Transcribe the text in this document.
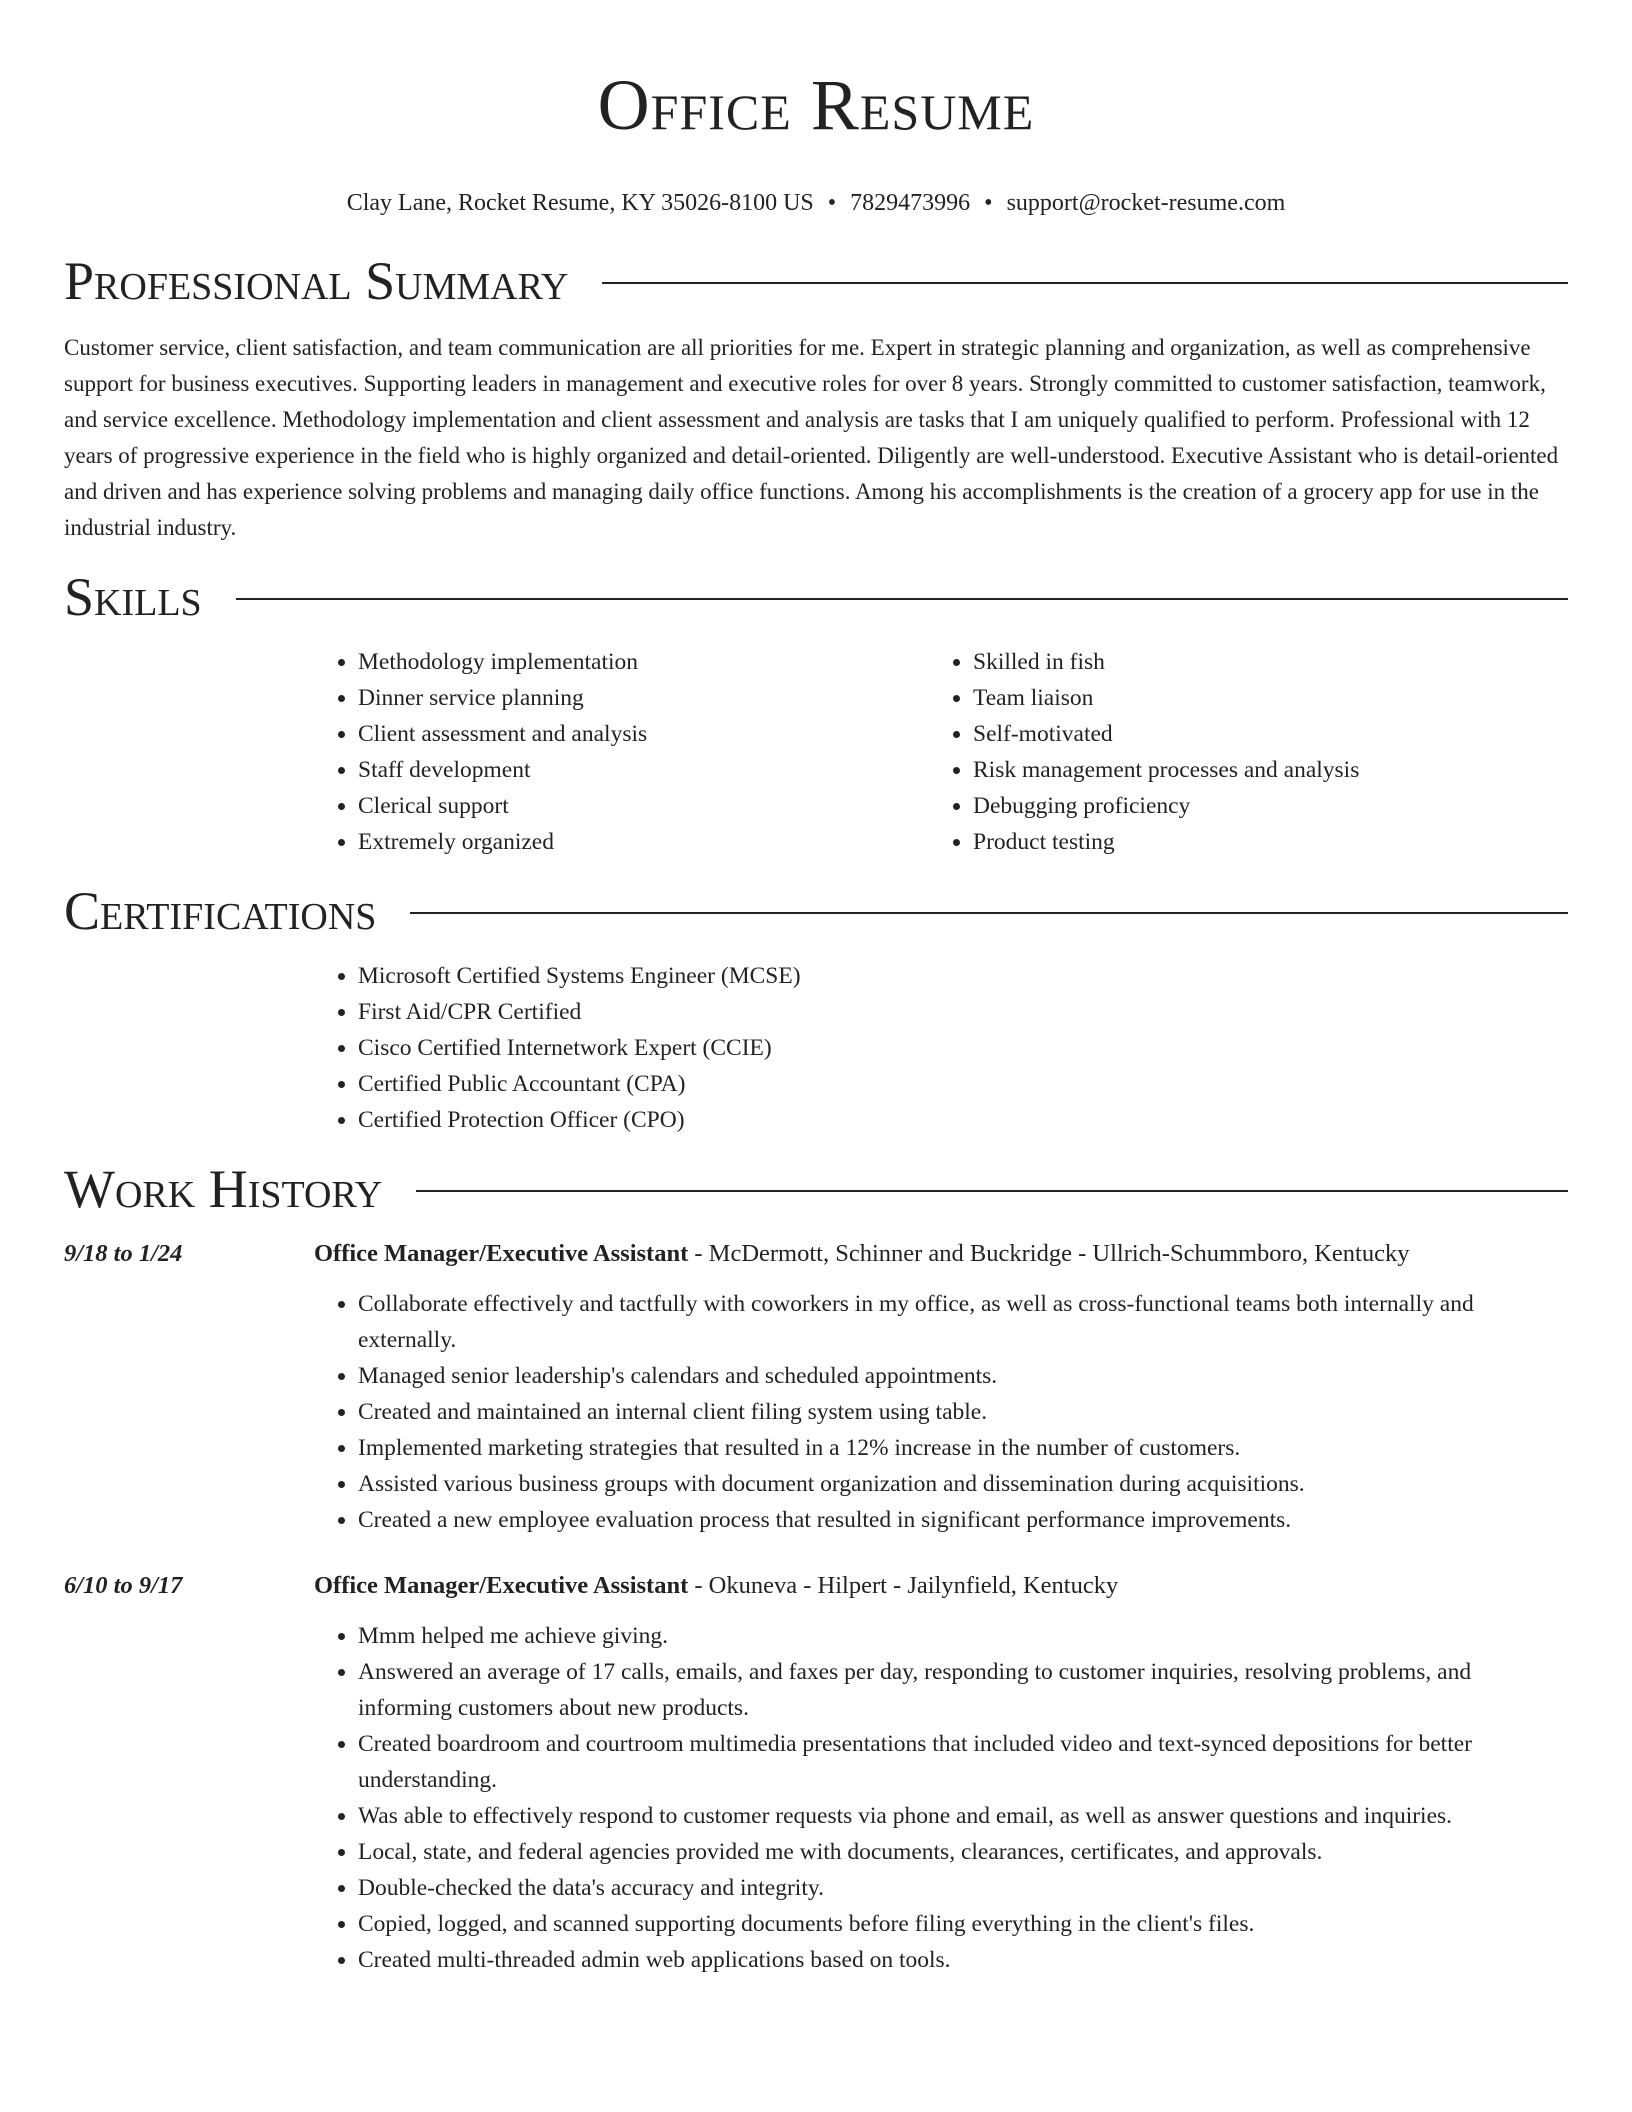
Office Resume
Clay Lane, Rocket Resume, KY 35026-8100 US • 7829473996 • support@rocket-resume.com
Professional Summary

Customer service, client satisfaction, and team communication are all priorities for me. Expert in strategic planning and organization, as well as comprehensive support for business executives. Supporting leaders in management and executive roles for over 8 years. Strongly committed to customer satisfaction, teamwork, and service excellence. Methodology implementation and client assessment and analysis are tasks that I am uniquely qualified to perform. Professional with 12 years of progressive experience in the field who is highly organized and detail-oriented. Diligently are well-understood. Executive Assistant who is detail-oriented and driven and has experience solving problems and managing daily office functions. Among his accomplishments is the creation of a grocery app for use in the industrial industry.

Skills
• Methodology implementation
• Dinner service planning
• Client assessment and analysis
• Staff development
• Clerical support
• Extremely organized
• Skilled in fish
• Team liaison
• Self-motivated
• Risk management processes and analysis
• Debugging proficiency
• Product testing
Certifications
• Microsoft Certified Systems Engineer (MCSE)
• First Aid/CPR Certified
• Cisco Certified Internetwork Expert (CCIE)
• Certified Public Accountant (CPA)
• Certified Protection Officer (CPO)
Work History
9/18 to 1/24	Office Manager/Executive Assistant - McDermott, Schinner and Buckridge - Ullrich-Schummboro, Kentucky
• Collaborate effectively and tactfully with coworkers in my office, as well as cross-functional teams both internally and externally.
• Managed senior leadership's calendars and scheduled appointments.
• Created and maintained an internal client filing system using table.
• Implemented marketing strategies that resulted in a 12% increase in the number of customers.
• Assisted various business groups with document organization and dissemination during acquisitions.
• Created a new employee evaluation process that resulted in significant performance improvements.
6/10 to 9/17	Office Manager/Executive Assistant - Okuneva - Hilpert - Jailynfield, Kentucky
• Mmm helped me achieve giving.
• Answered an average of 17 calls, emails, and faxes per day, responding to customer inquiries, resolving problems, and informing customers about new products.
• Created boardroom and courtroom multimedia presentations that included video and text-synced depositions for better understanding.
• Was able to effectively respond to customer requests via phone and email, as well as answer questions and inquiries.
• Local, state, and federal agencies provided me with documents, clearances, certificates, and approvals.
• Double-checked the data's accuracy and integrity.
• Copied, logged, and scanned supporting documents before filing everything in the client's files.
• Created multi-threaded admin web applications based on tools.
